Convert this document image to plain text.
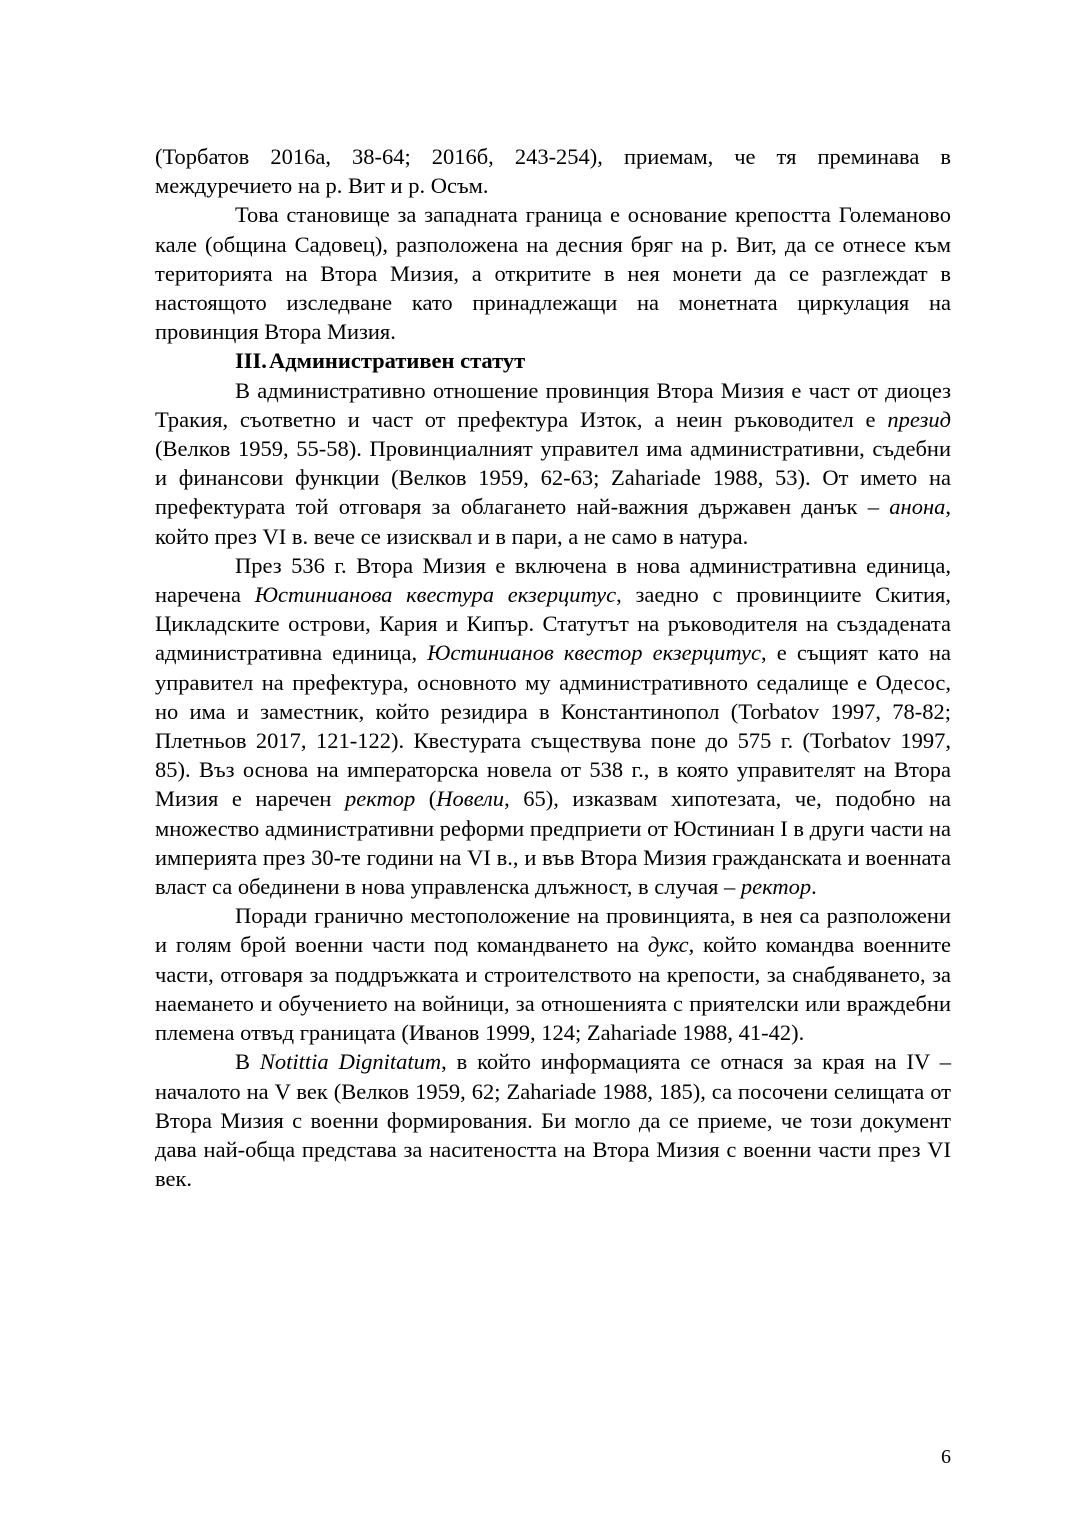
(Торбатов 2016а, 38-64; 2016б, 243-254), приемам, че тя преминава в междуречието на р. Вит и р. Осъм.

Това становище за западната граница е основание крепостта Големаново кале (община Садовец), разположена на десния бряг на р. Вит, да се отнесе към територията на Втора Мизия, а откритите в нея монети да се разглеждат в настоящото изследване като принадлежащи на монетната циркулация на провинция Втора Мизия.

III.Административен статут

В административно отношение провинция Втора Мизия е част от диоцез Тракия, съответно и част от префектура Изток, а неин ръководител е презид (Велков 1959, 55-58). Провинциалният управител има административни, съдебни и финансови функции (Велков 1959, 62-63; Zahariade 1988, 53). От името на префектурата той отговаря за облагането най-важния държавен данък – анона, който през VI в. вече се изисквал и в пари, а не само в натура.

През 536 г. Втора Мизия е включена в нова административна единица, наречена Юстинианова квестура екзерцитус, заедно с провинциите Скития, Цикладските острови, Кария и Кипър. Статутът на ръководителя на създадената административна единица, Юстинианов квестор екзерцитус, е същият като на управител на префектура, основното му административното седалище е Одесос, но има и заместник, който резидира в Константинопол (Torbatov 1997, 78-82; Плетньов 2017, 121-122). Квестурата съществува поне до 575 г. (Torbatov 1997, 85). Въз основа на императорска новела от 538 г., в която управителят на Втора Мизия е наречен ректор (Новели, 65), изказвам хипотезата, че, подобно на множество административни реформи предприети от Юстиниан I в други части на империята през 30-те години на VI в., и във Втора Мизия гражданската и военната власт са обединени в нова управленска длъжност, в случая – ректор.

Поради гранично местоположение на провинцията, в нея са разположени и голям брой военни части под командването на дукс, който командва военните части, отговаря за поддръжката и строителството на крепости, за снабдяването, за наемането и обучението на войници, за отношенията с приятелски или враждебни племена отвъд границата (Иванов 1999, 124; Zahariade 1988, 41-42).

В Notittia Dignitatum, в който информацията се отнася за края на IV – началото на V век (Велков 1959, 62; Zahariade 1988, 185), са посочени селищата от Втора Мизия с военни формирования. Би могло да се приеме, че този документ дава най-обща представа за наситеността на Втора Мизия с военни части през VI век.

6
